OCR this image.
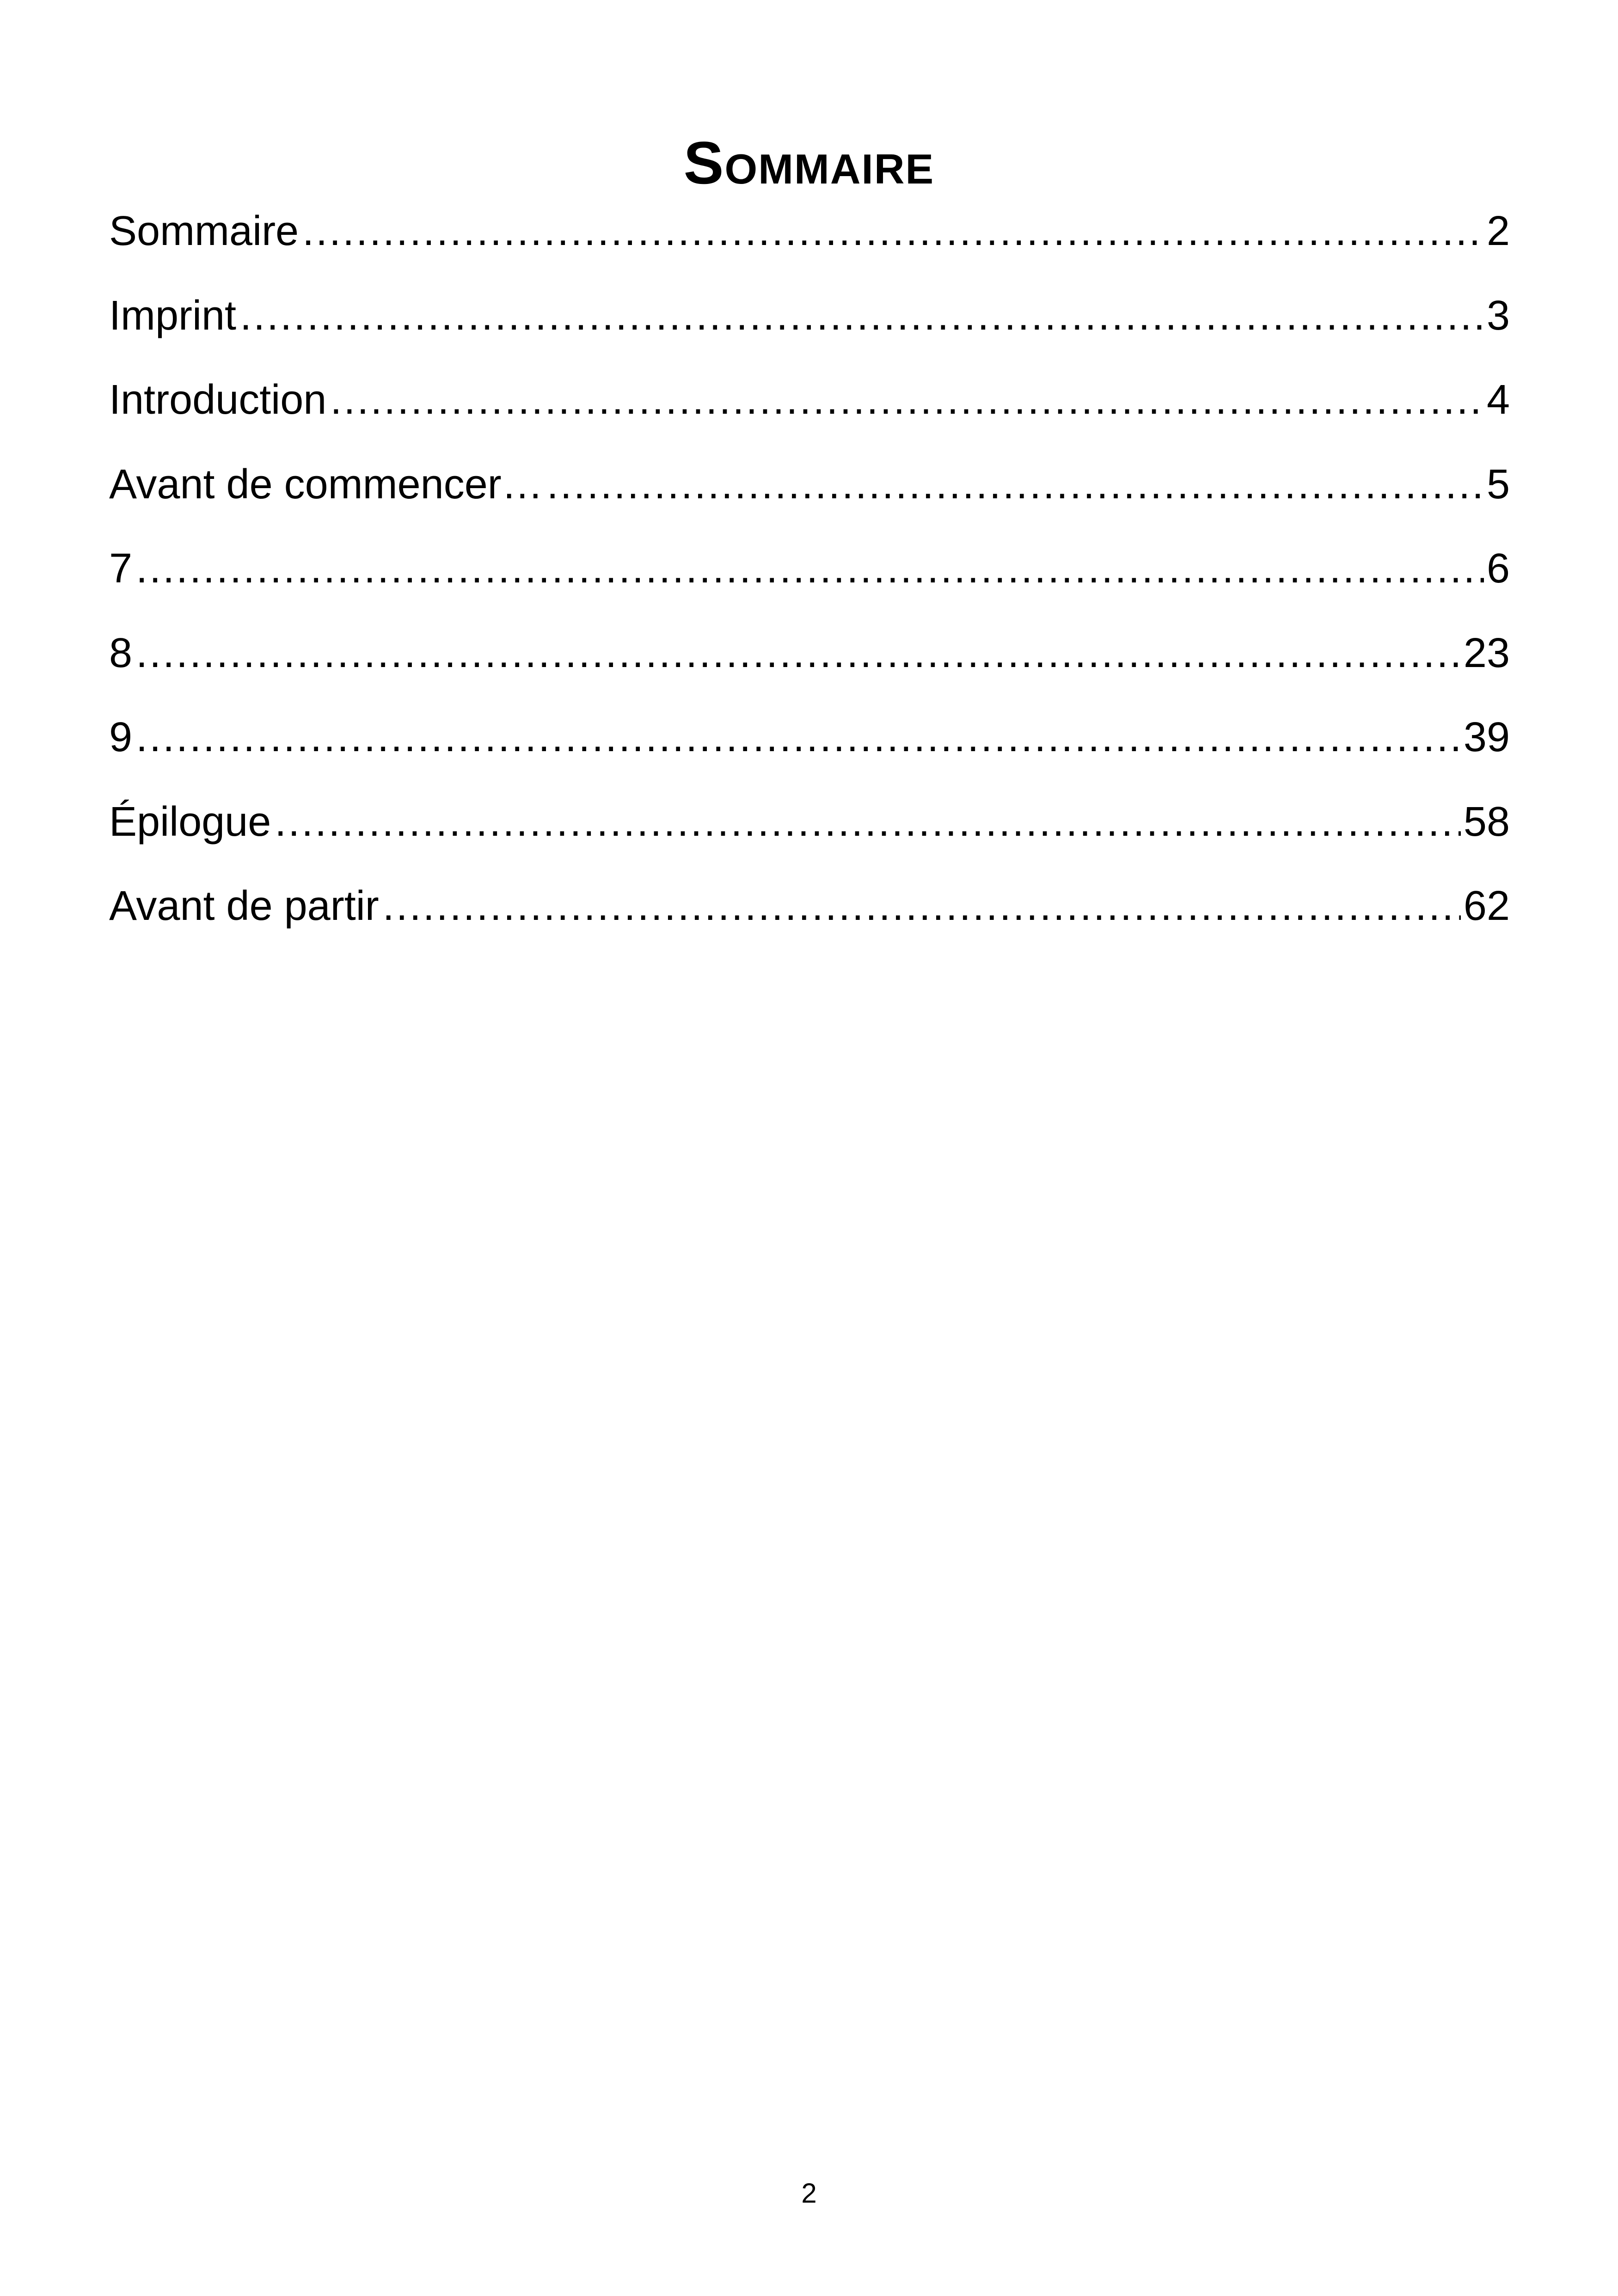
Sommaire
Sommaire .....	2
Imprint .....	3
Introduction .....	4
Avant de commencer… .....	5
7 .....	6
8 .....	23
9 .....	39
Épilogue .....	58
Avant de partir .....	62
2
